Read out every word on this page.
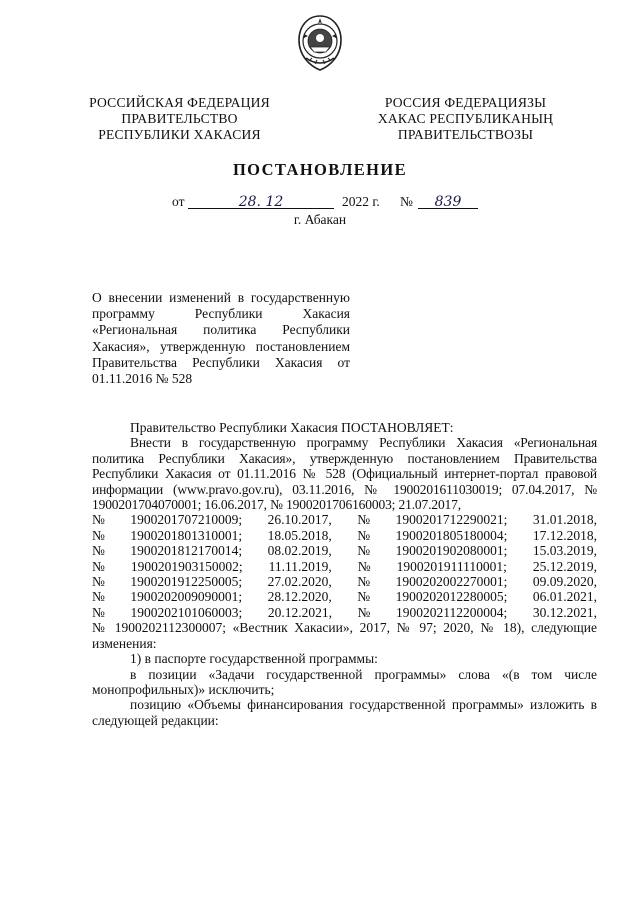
РОССИЙСКАЯ ФЕДЕРАЦИЯ
ПРАВИТЕЛЬСТВО
РЕСПУБЛИКИ ХАКАСИЯ
РОССИЯ ФЕДЕРАЦИЯЗЫ
ХАКАС РЕСПУБЛИКАНЫҢ
ПРАВИТЕЛЬСТВОЗЫ
ПОСТАНОВЛЕНИЕ
от	28. 12	2022 г. №	839
г. Абакан
О внесении изменений в государственную программу Республики Хакасия «Региональная политика Республики Хакасия», утвержденную постановлением Правительства Республики Хакасия от 01.11.2016 № 528

Правительство Республики Хакасия ПОСТАНОВЛЯЕТ:

Внести в государственную программу Республики Хакасия «Региональная политика Республики Хакасия», утвержденную постановлением Правительства Республики Хакасия от 01.11.2016 № 528 (Официальный интернет-портал правовой информации (www.pravo.gov.ru), 03.11.2016, № 1900201611030019; 07.04.2017, № 1900201704070001; 16.06.2017, № 1900201706160003; 21.07.2017,

№ 1900201707210009; 26.10.2017, № 1900201712290021; 31.01.2018,
№ 1900201801310001; 18.05.2018, № 1900201805180004; 17.12.2018,
№ 1900201812170014; 08.02.2019, № 1900201902080001; 15.03.2019,
№ 1900201903150002; 11.11.2019, № 1900201911110001; 25.12.2019,
№ 1900201912250005; 27.02.2020, № 1900202002270001; 09.09.2020,
№ 1900202009090001; 28.12.2020, № 1900202012280005; 06.01.2021,
№ 1900202101060003; 20.12.2021, № 1900202112200004; 30.12.2021,

№ 1900202112300007; «Вестник Хакасии», 2017, № 97; 2020, № 18), следующие изменения:

1) в паспорте государственной программы:

в позиции «Задачи государственной программы» слова «(в том числе монопрофильных)» исключить;

позицию «Объемы финансирования государственной программы» изложить в следующей редакции:
